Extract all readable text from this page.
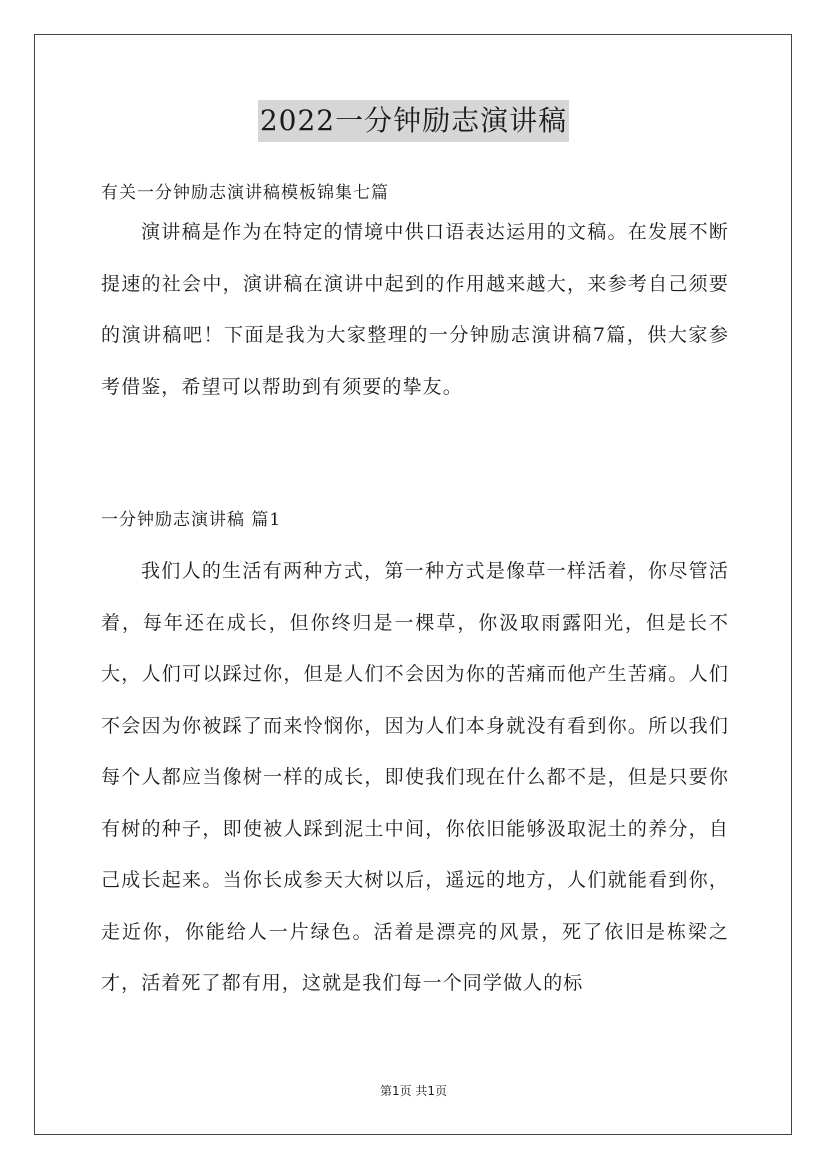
2022一分钟励志演讲稿
有关一分钟励志演讲稿模板锦集七篇

演讲稿是作为在特定的情境中供口语表达运用的文稿。在发展不断提速的社会中，演讲稿在演讲中起到的作用越来越大，来参考自己须要的演讲稿吧！下面是我为大家整理的一分钟励志演讲稿7篇，供大家参考借鉴，希望可以帮助到有须要的挚友。

一分钟励志演讲稿 篇1

我们人的生活有两种方式，第一种方式是像草一样活着，你尽管活着，每年还在成长，但你终归是一棵草，你汲取雨露阳光，但是长不大，人们可以踩过你，但是人们不会因为你的苦痛而他产生苦痛。人们不会因为你被踩了而来怜悯你，因为人们本身就没有看到你。所以我们每个人都应当像树一样的成长，即使我们现在什么都不是，但是只要你有树的种子，即使被人踩到泥土中间，你依旧能够汲取泥土的养分，自己成长起来。当你长成参天大树以后，遥远的地方，人们就能看到你，走近你，你能给人一片绿色。活着是漂亮的风景，死了依旧是栋梁之才，活着死了都有用，这就是我们每一个同学做人的标

第1页 共1页
